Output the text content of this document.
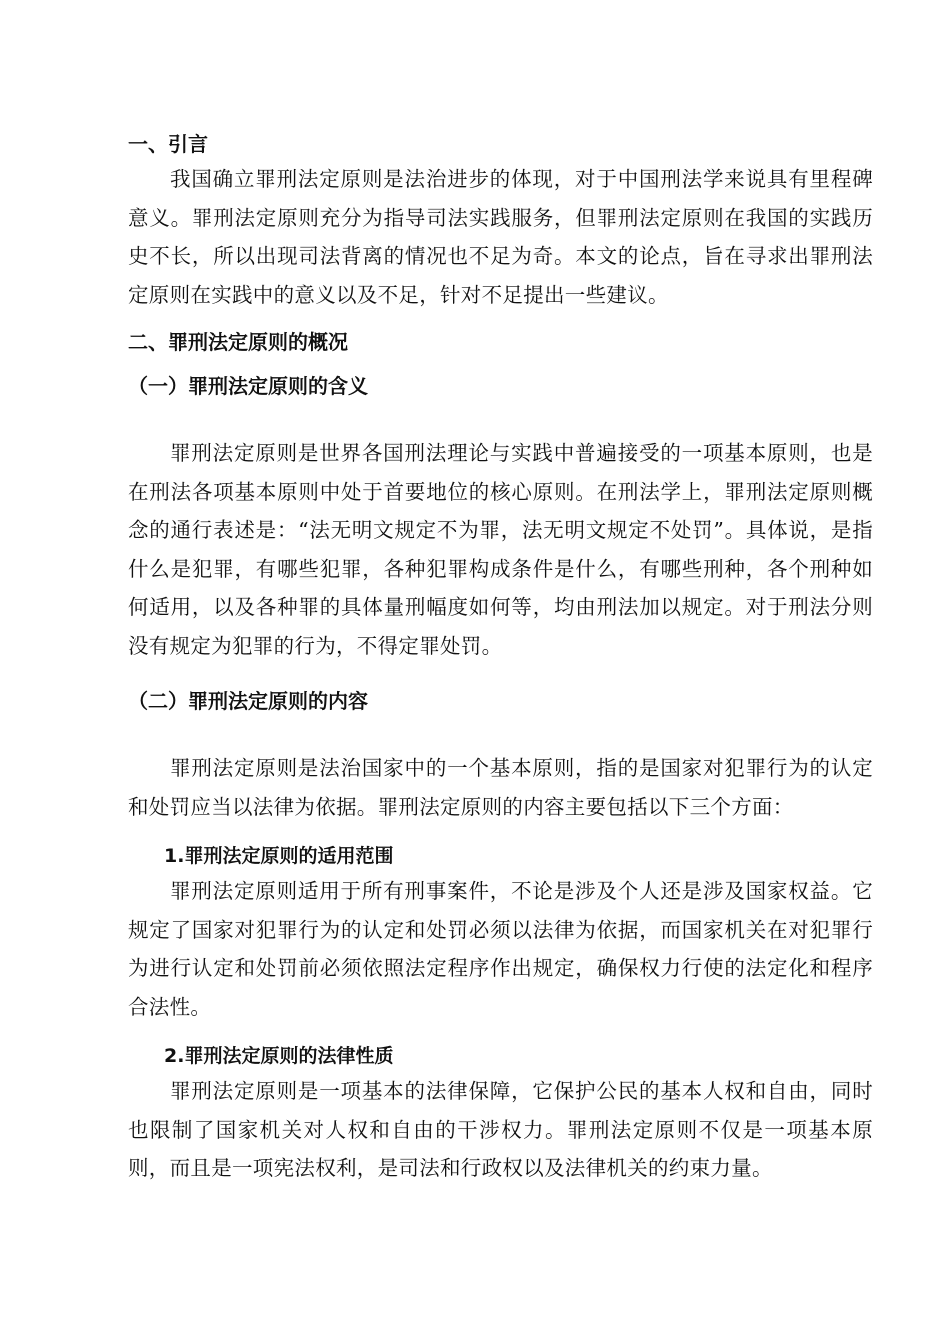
一、引言

我国确立罪刑法定原则是法治进步的体现，对于中国刑法学来说具有里程碑意义。罪刑法定原则充分为指导司法实践服务，但罪刑法定原则在我国的实践历史不长，所以出现司法背离的情况也不足为奇。本文的论点，旨在寻求出罪刑法定原则在实践中的意义以及不足，针对不足提出一些建议。

二、罪刑法定原则的概况
（一）罪刑法定原则的含义

罪刑法定原则是世界各国刑法理论与实践中普遍接受的一项基本原则，也是在刑法各项基本原则中处于首要地位的核心原则。在刑法学上，罪刑法定原则概念的通行表述是：“法无明文规定不为罪，法无明文规定不处罚”。具体说，是指什么是犯罪，有哪些犯罪，各种犯罪构成条件是什么，有哪些刑种，各个刑种如何适用，以及各种罪的具体量刑幅度如何等，均由刑法加以规定。对于刑法分则没有规定为犯罪的行为，不得定罪处罚。

（二）罪刑法定原则的内容

罪刑法定原则是法治国家中的一个基本原则，指的是国家对犯罪行为的认定和处罚应当以法律为依据。罪刑法定原则的内容主要包括以下三个方面：

1.罪刑法定原则的适用范围

罪刑法定原则适用于所有刑事案件，不论是涉及个人还是涉及国家权益。它规定了国家对犯罪行为的认定和处罚必须以法律为依据，而国家机关在对犯罪行为进行认定和处罚前必须依照法定程序作出规定，确保权力行使的法定化和程序合法性。

2.罪刑法定原则的法律性质

罪刑法定原则是一项基本的法律保障，它保护公民的基本人权和自由，同时也限制了国家机关对人权和自由的干涉权力。罪刑法定原则不仅是一项基本原则，而且是一项宪法权利，是司法和行政权以及法律机关的约束力量。
